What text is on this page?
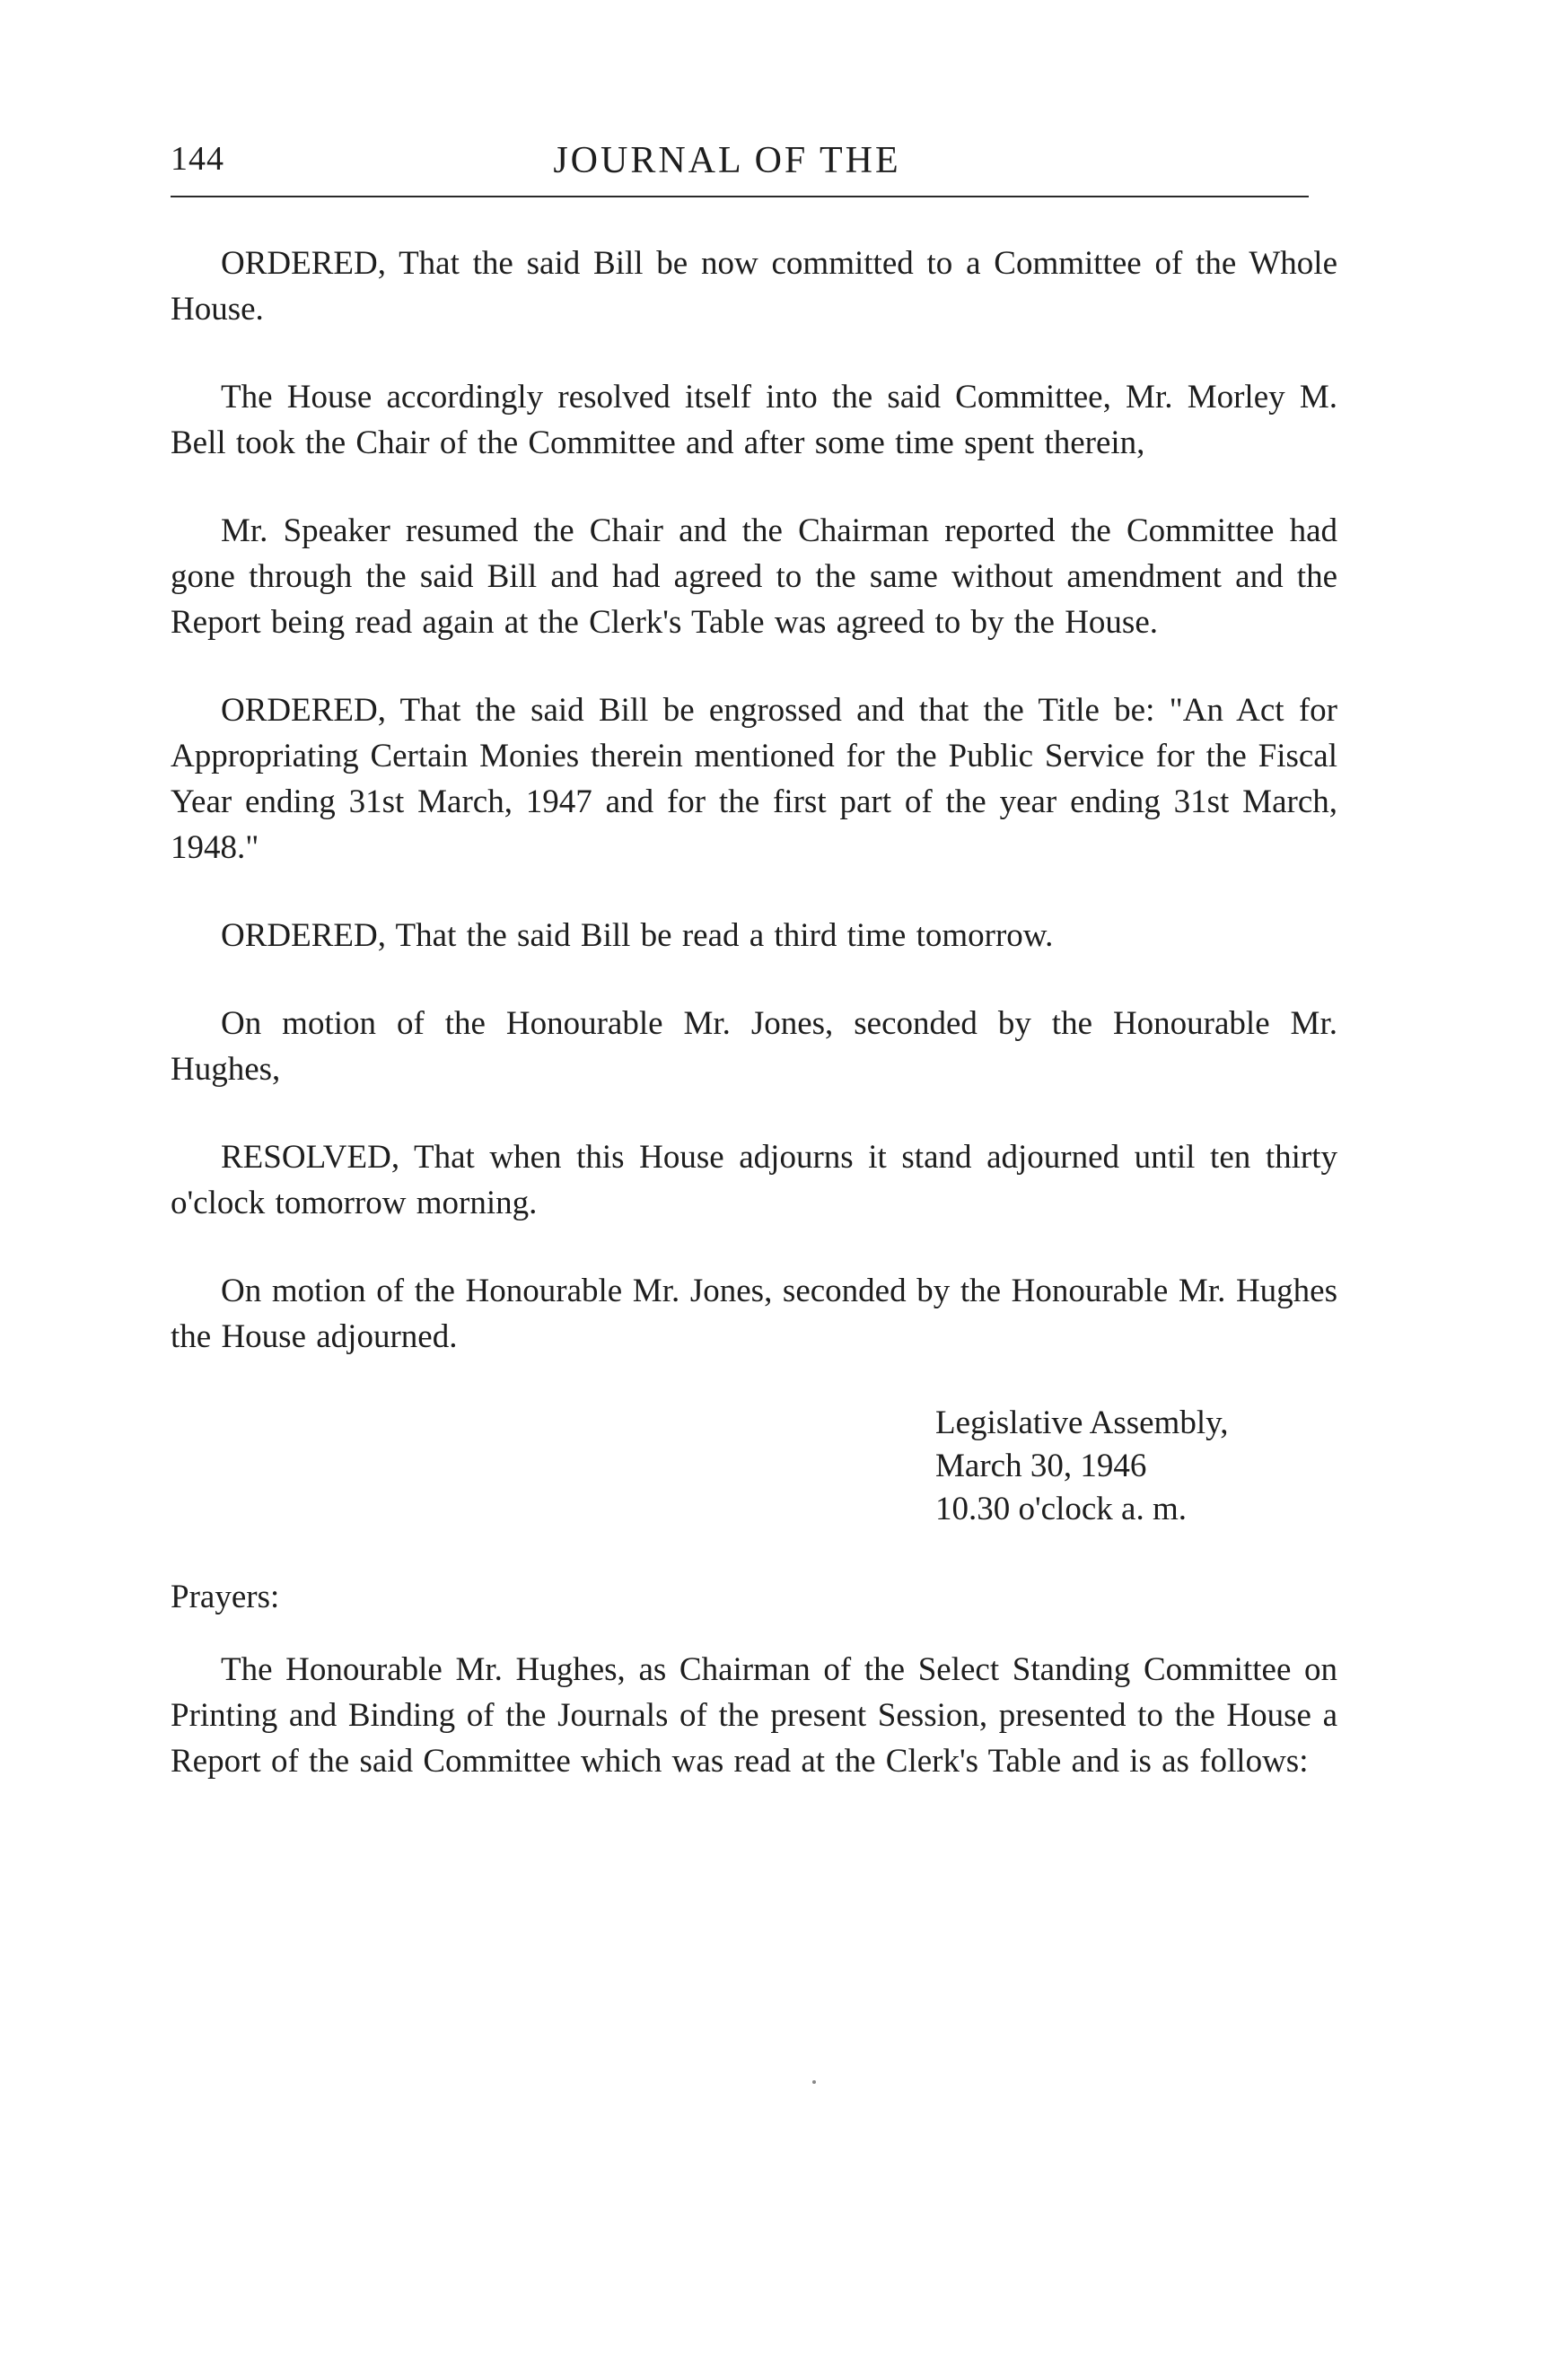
144	JOURNAL OF THE

ORDERED, That the said Bill be now committed to a Committee of the Whole House.

The House accordingly resolved itself into the said Committee, Mr. Morley M. Bell took the Chair of the Committee and after some time spent therein,

Mr. Speaker resumed the Chair and the Chairman reported the Committee had gone through the said Bill and had agreed to the same without amendment and the Report being read again at the Clerk's Table was agreed to by the House.

ORDERED, That the said Bill be engrossed and that the Title be: "An Act for Appropriating Certain Monies therein mentioned for the Public Service for the Fiscal Year ending 31st March, 1947 and for the first part of the year ending 31st March, 1948."

ORDERED, That the said Bill be read a third time tomorrow.

On motion of the Honourable Mr. Jones, seconded by the Honourable Mr. Hughes,

RESOLVED, That when this House adjourns it stand adjourned until ten thirty o'clock tomorrow morning.

On motion of the Honourable Mr. Jones, seconded by the Honourable Mr. Hughes the House adjourned.

Legislative Assembly,
March 30, 1946
10.30 o'clock a. m.

Prayers:

The Honourable Mr. Hughes, as Chairman of the Select Standing Committee on Printing and Binding of the Journals of the present Session, presented to the House a Report of the said Committee which was read at the Clerk's Table and is as follows:
